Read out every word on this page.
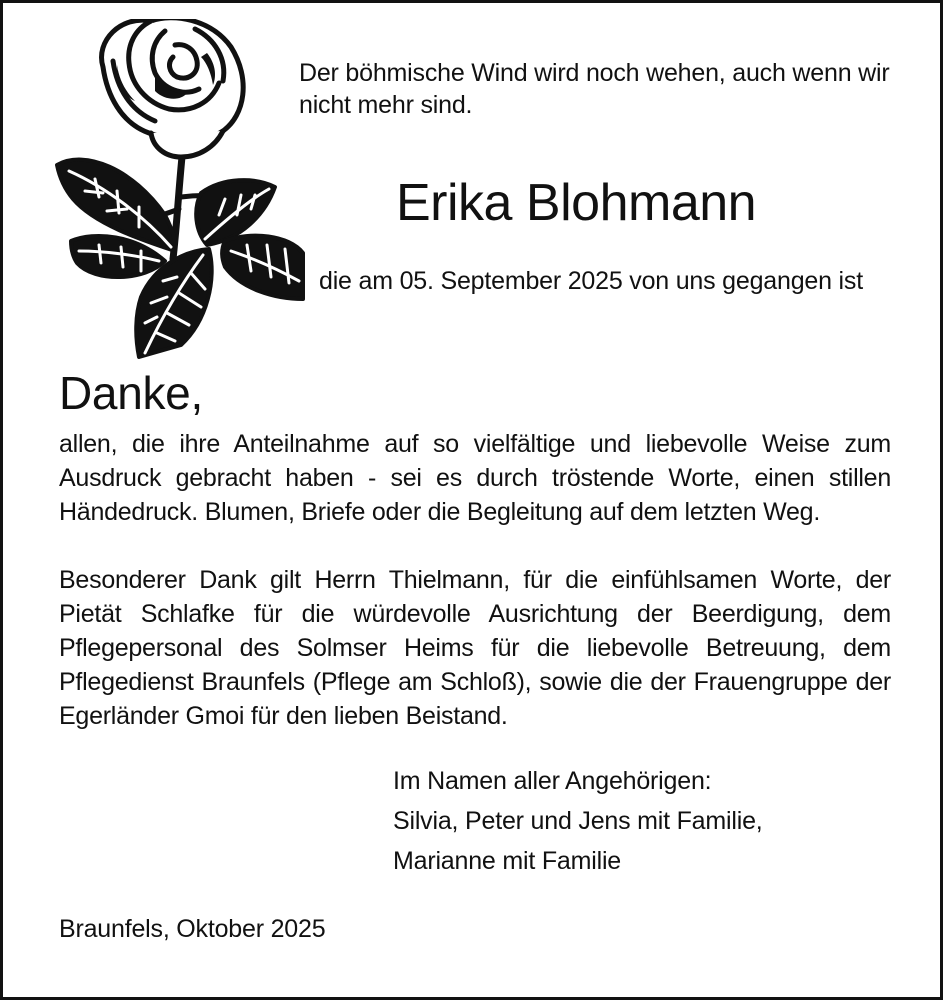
Der böhmische Wind wird noch wehen, auch wenn wir nicht mehr sind.
Erika Blohmann
die am 05. September 2025 von uns gegangen ist
Danke,
allen, die ihre Anteilnahme auf so vielfältige und liebevolle Weise zum Ausdruck gebracht haben - sei es durch tröstende Worte, einen stillen Händedruck. Blumen, Briefe oder die Begleitung auf dem letzten Weg.
Besonderer Dank gilt Herrn Thielmann, für die einfühlsamen Worte, der Pietät Schlafke für die würdevolle Ausrichtung der Beerdigung, dem Pflegepersonal des Solmser Heims für die liebevolle Betreuung, dem Pflegedienst Braunfels (Pflege am Schloß), sowie die der Frauengruppe der Egerländer Gmoi für den lieben Beistand.
Im Namen aller Angehörigen:
Silvia, Peter und Jens mit Familie,
Marianne mit Familie
Braunfels, Oktober 2025
